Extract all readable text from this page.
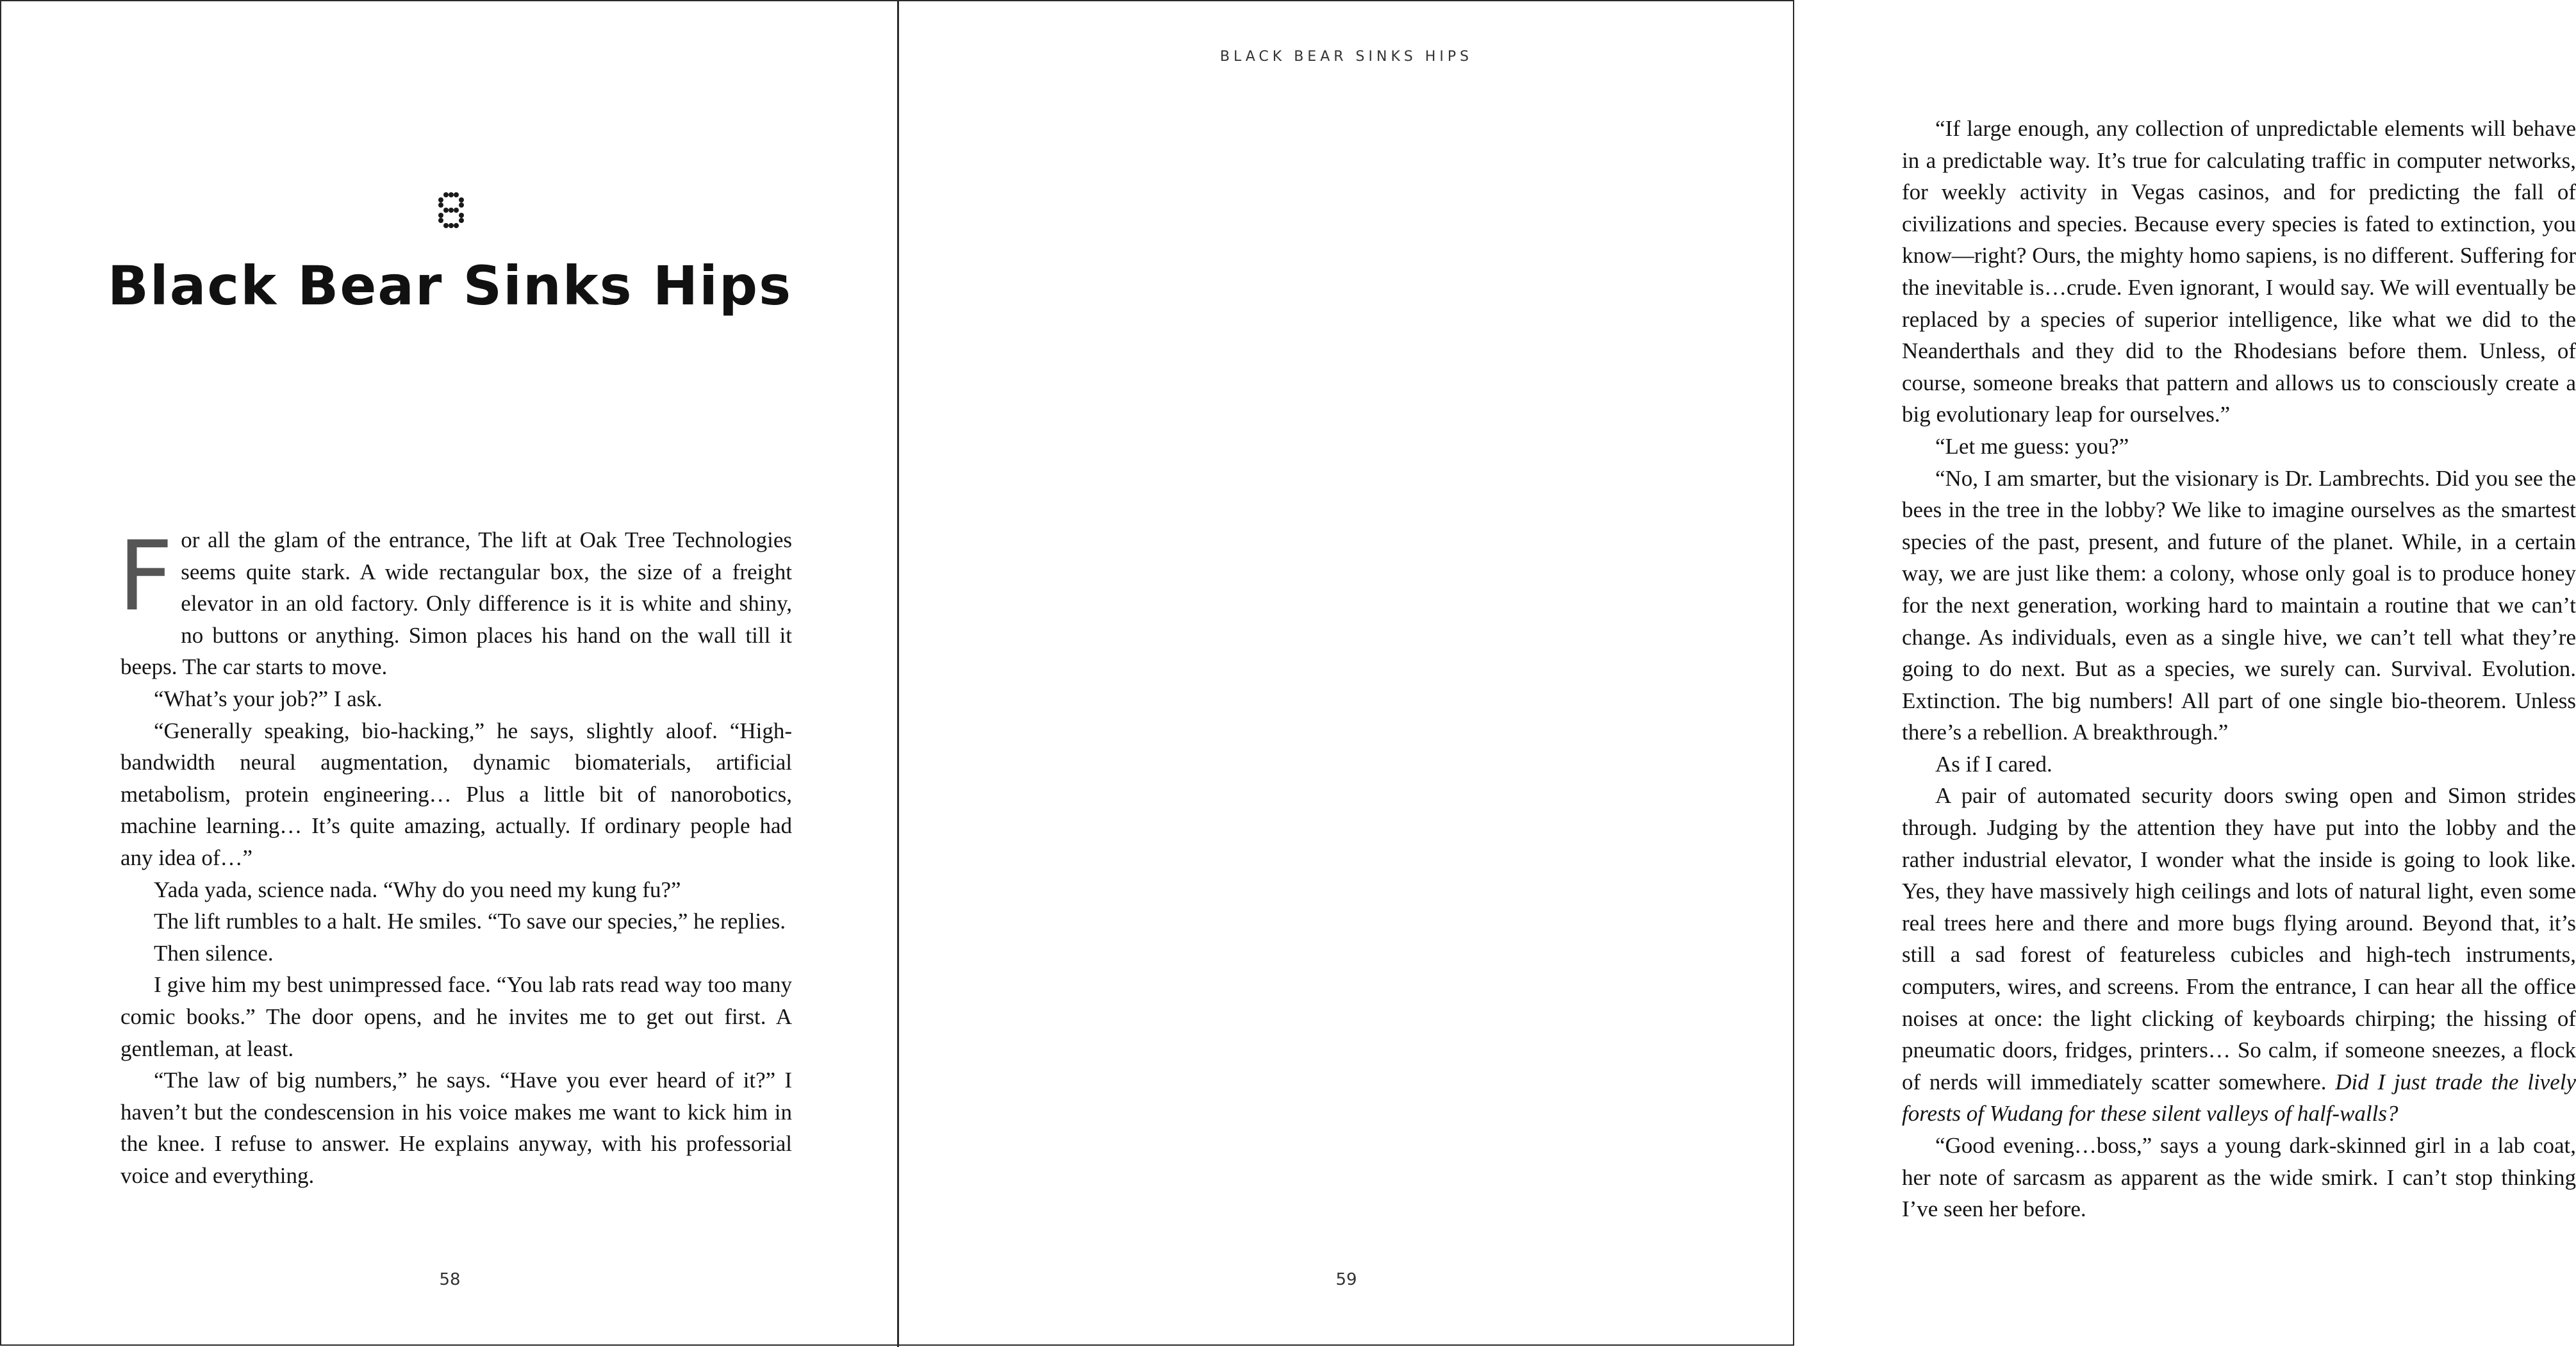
Black Bear Sinks Hips

For all the glam of the entrance, The lift at Oak Tree Technologies seems quite stark. A wide rectangular box, the size of a freight elevator in an old factory. Only difference is it is white and shiny, no buttons or anything. Simon places his hand on the wall till it beeps. The car starts to move.

“What’s your job?” I ask.

“Generally speaking, bio-hacking,” he says, slightly aloof. “High-bandwidth neural augmentation, dynamic biomaterials, artificial metabolism, protein engineering… Plus a little bit of nanorobotics, machine learning… It’s quite amazing, actually. If ordinary people had any idea of…”

Yada yada, science nada. “Why do you need my kung fu?”

The lift rumbles to a halt. He smiles. “To save our species,” he replies.

Then silence.

I give him my best unimpressed face. “You lab rats read way too many comic books.” The door opens, and he invites me to get out first. A gentleman, at least.

“The law of big numbers,” he says. “Have you ever heard of it?” I haven’t but the condescension in his voice makes me want to kick him in the knee. I refuse to answer. He explains anyway, with his professorial voice and everything.

58
BLACK BEAR SINKS HIPS

“If large enough, any collection of unpredictable elements will behave in a predictable way. It’s true for calculating traffic in computer networks, for weekly activity in Vegas casinos, and for predicting the fall of civilizations and species. Because every species is fated to extinction, you know—right? Ours, the mighty homo sapiens, is no different. Suffering for the inevitable is…crude. Even ignorant, I would say. We will eventually be replaced by a species of superior intelligence, like what we did to the Neanderthals and they did to the Rhodesians before them. Unless, of course, someone breaks that pattern and allows us to consciously create a big evolutionary leap for ourselves.”

“Let me guess: you?”

“No, I am smarter, but the visionary is Dr. Lambrechts. Did you see the bees in the tree in the lobby? We like to imagine ourselves as the smartest species of the past, present, and future of the planet. While, in a certain way, we are just like them: a colony, whose only goal is to produce honey for the next generation, working hard to maintain a routine that we can’t change. As individuals, even as a single hive, we can’t tell what they’re going to do next. But as a species, we surely can. Survival. Evolution. Extinction. The big numbers! All part of one single bio-theorem. Unless there’s a rebellion. A breakthrough.”

As if I cared.

A pair of automated security doors swing open and Simon strides through. Judging by the attention they have put into the lobby and the rather industrial elevator, I wonder what the inside is going to look like. Yes, they have massively high ceilings and lots of natural light, even some real trees here and there and more bugs flying around. Beyond that, it’s still a sad forest of featureless cubicles and high-tech instruments, computers, wires, and screens. From the entrance, I can hear all the office noises at once: the light clicking of keyboards chirping; the hissing of pneumatic doors, fridges, printers… So calm, if someone sneezes, a flock of nerds will immediately scatter somewhere. Did I just trade the lively forests of Wudang for these silent valleys of half-walls?

“Good evening…boss,” says a young dark-skinned girl in a lab coat, her note of sarcasm as apparent as the wide smirk. I can’t stop thinking I’ve seen her before.

59
